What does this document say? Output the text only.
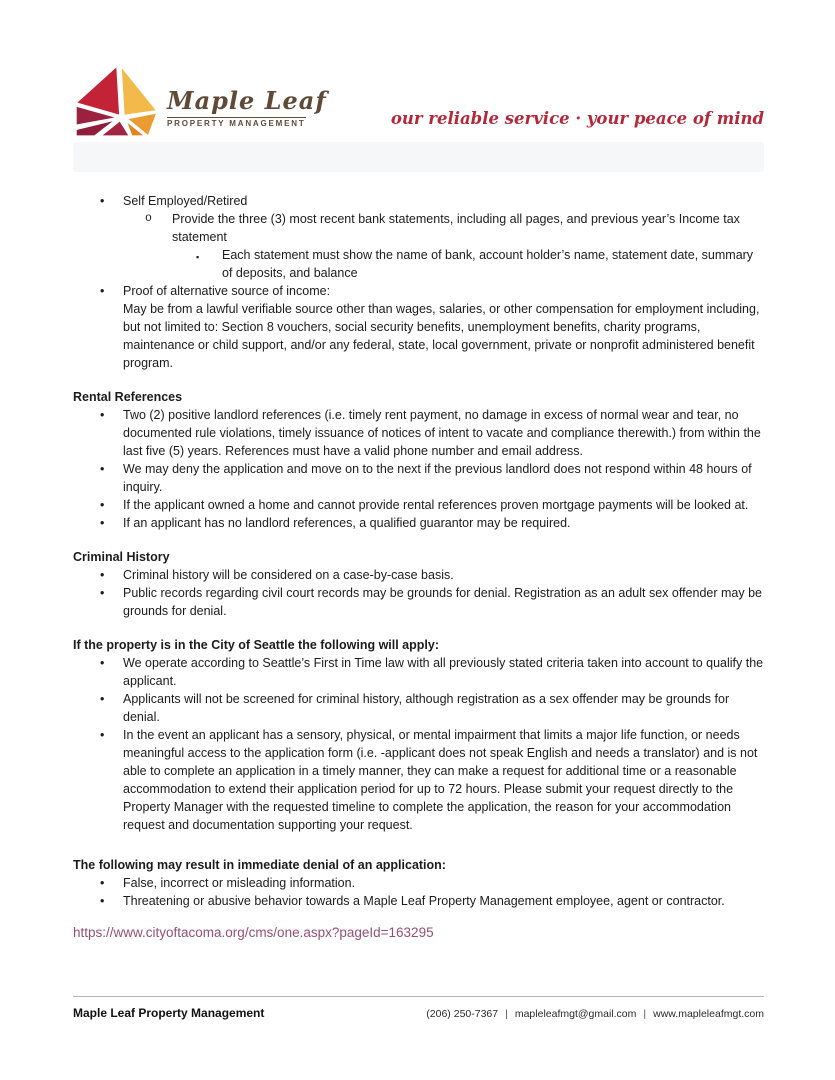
Maple Leaf
PROPERTY MANAGEMENT	our reliable service · your peace of mind
•	Self Employed/Retired
o	Provide the three (3) most recent bank statements, including all pages, and previous year’s Income tax statement
▪	Each statement must show the name of bank, account holder’s name, statement date, summary of deposits, and balance
•	Proof of alternative source of income:
May be from a lawful verifiable source other than wages, salaries, or other compensation for employment including, but not limited to: Section 8 vouchers, social security benefits, unemployment benefits, charity programs, maintenance or child support, and/or any federal, state, local government, private or nonprofit administered benefit program.
Rental References
•	Two (2) positive landlord references (i.e. timely rent payment, no damage in excess of normal wear and tear, no documented rule violations, timely issuance of notices of intent to vacate and compliance therewith.) from within the last five (5) years. References must have a valid phone number and email address.
•	We may deny the application and move on to the next if the previous landlord does not respond within 48 hours of inquiry.
•	If the applicant owned a home and cannot provide rental references proven mortgage payments will be looked at.
•	If an applicant has no landlord references, a qualified guarantor may be required.
Criminal History
•	Criminal history will be considered on a case-by-case basis.
•	Public records regarding civil court records may be grounds for denial. Registration as an adult sex offender may be grounds for denial.
If the property is in the City of Seattle the following will apply:
•	We operate according to Seattle’s First in Time law with all previously stated criteria taken into account to qualify the applicant.
•	Applicants will not be screened for criminal history, although registration as a sex offender may be grounds for denial.
•	In the event an applicant has a sensory, physical, or mental impairment that limits a major life function, or needs meaningful access to the application form (i.e. -applicant does not speak English and needs a translator) and is not able to complete an application in a timely manner, they can make a request for additional time or a reasonable accommodation to extend their application period for up to 72 hours. Please submit your request directly to the Property Manager with the requested timeline to complete the application, the reason for your accommodation request and documentation supporting your request.
The following may result in immediate denial of an application:
•	False, incorrect or misleading information.
•	Threatening or abusive behavior towards a Maple Leaf Property Management employee, agent or contractor.
https://www.cityoftacoma.org/cms/one.aspx?pageId=163295
Maple Leaf Property Management	(206) 250-7367 | mapleleafmgt@gmail.com | www.mapleleafmgt.com
